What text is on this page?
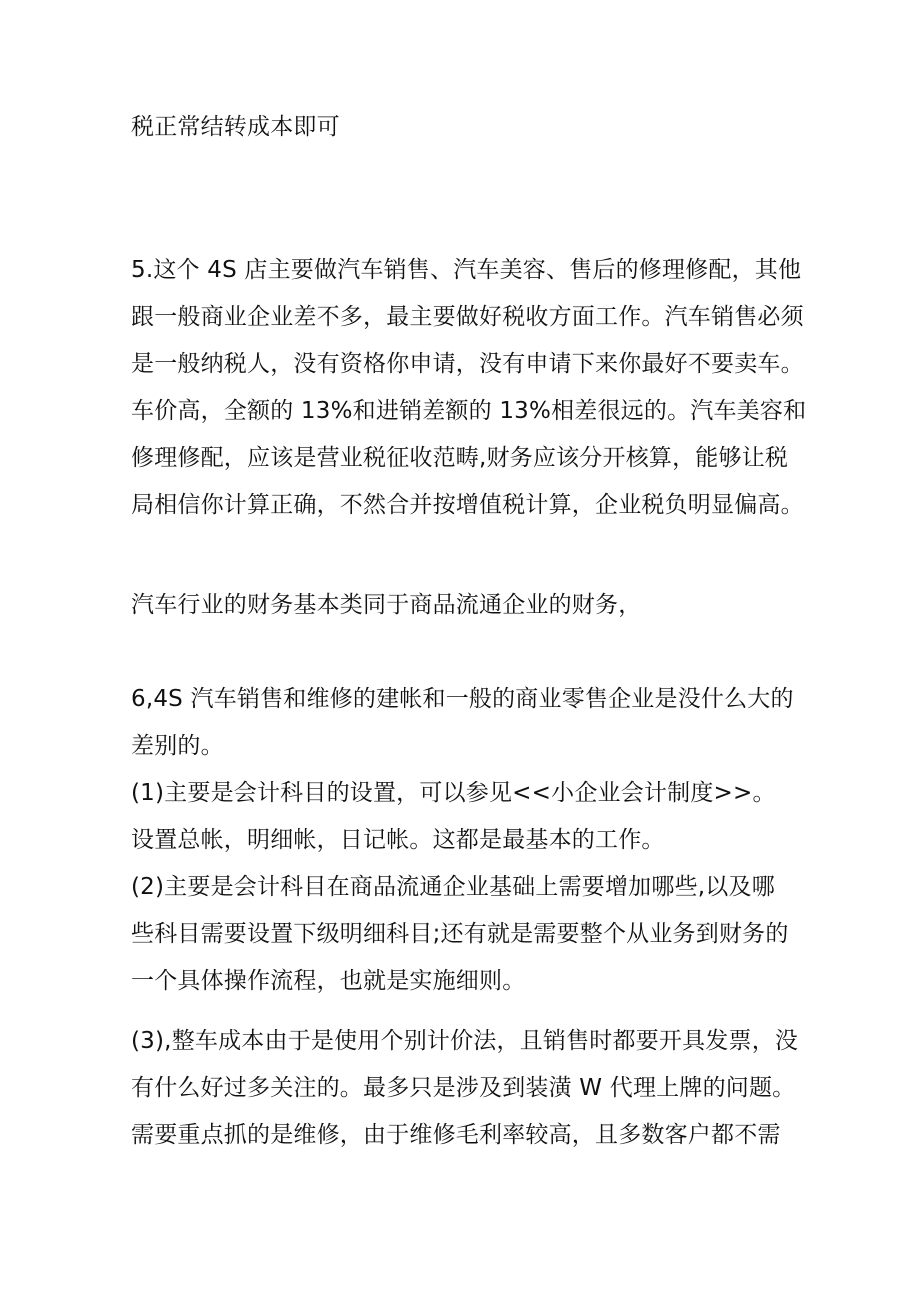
税正常结转成本即可
5.这个 4S 店主要做汽车销售、汽车美容、售后的修理修配，其他
跟一般商业企业差不多，最主要做好税收方面工作。汽车销售必须
是一般纳税人，没有资格你申请，没有申请下来你最好不要卖车。
车价高，全额的 13%和进销差额的 13%相差很远的。汽车美容和
修理修配，应该是营业税征收范畴,财务应该分开核算，能够让税
局相信你计算正确，不然合并按增值税计算，企业税负明显偏高。
汽车行业的财务基本类同于商品流通企业的财务，
6,4S 汽车销售和维修的建帐和一般的商业零售企业是没什么大的
差别的。
(1)主要是会计科目的设置，可以参见<<小企业会计制度>>。
设置总帐，明细帐，日记帐。这都是最基本的工作。
(2)主要是会计科目在商品流通企业基础上需要增加哪些,以及哪
些科目需要设置下级明细科目;还有就是需要整个从业务到财务的
一个具体操作流程，也就是实施细则。
(3),整车成本由于是使用个别计价法，且销售时都要开具发票，没
有什么好过多关注的。最多只是涉及到装潢 W 代理上牌的问题。
需要重点抓的是维修，由于维修毛利率较高，且多数客户都不需
